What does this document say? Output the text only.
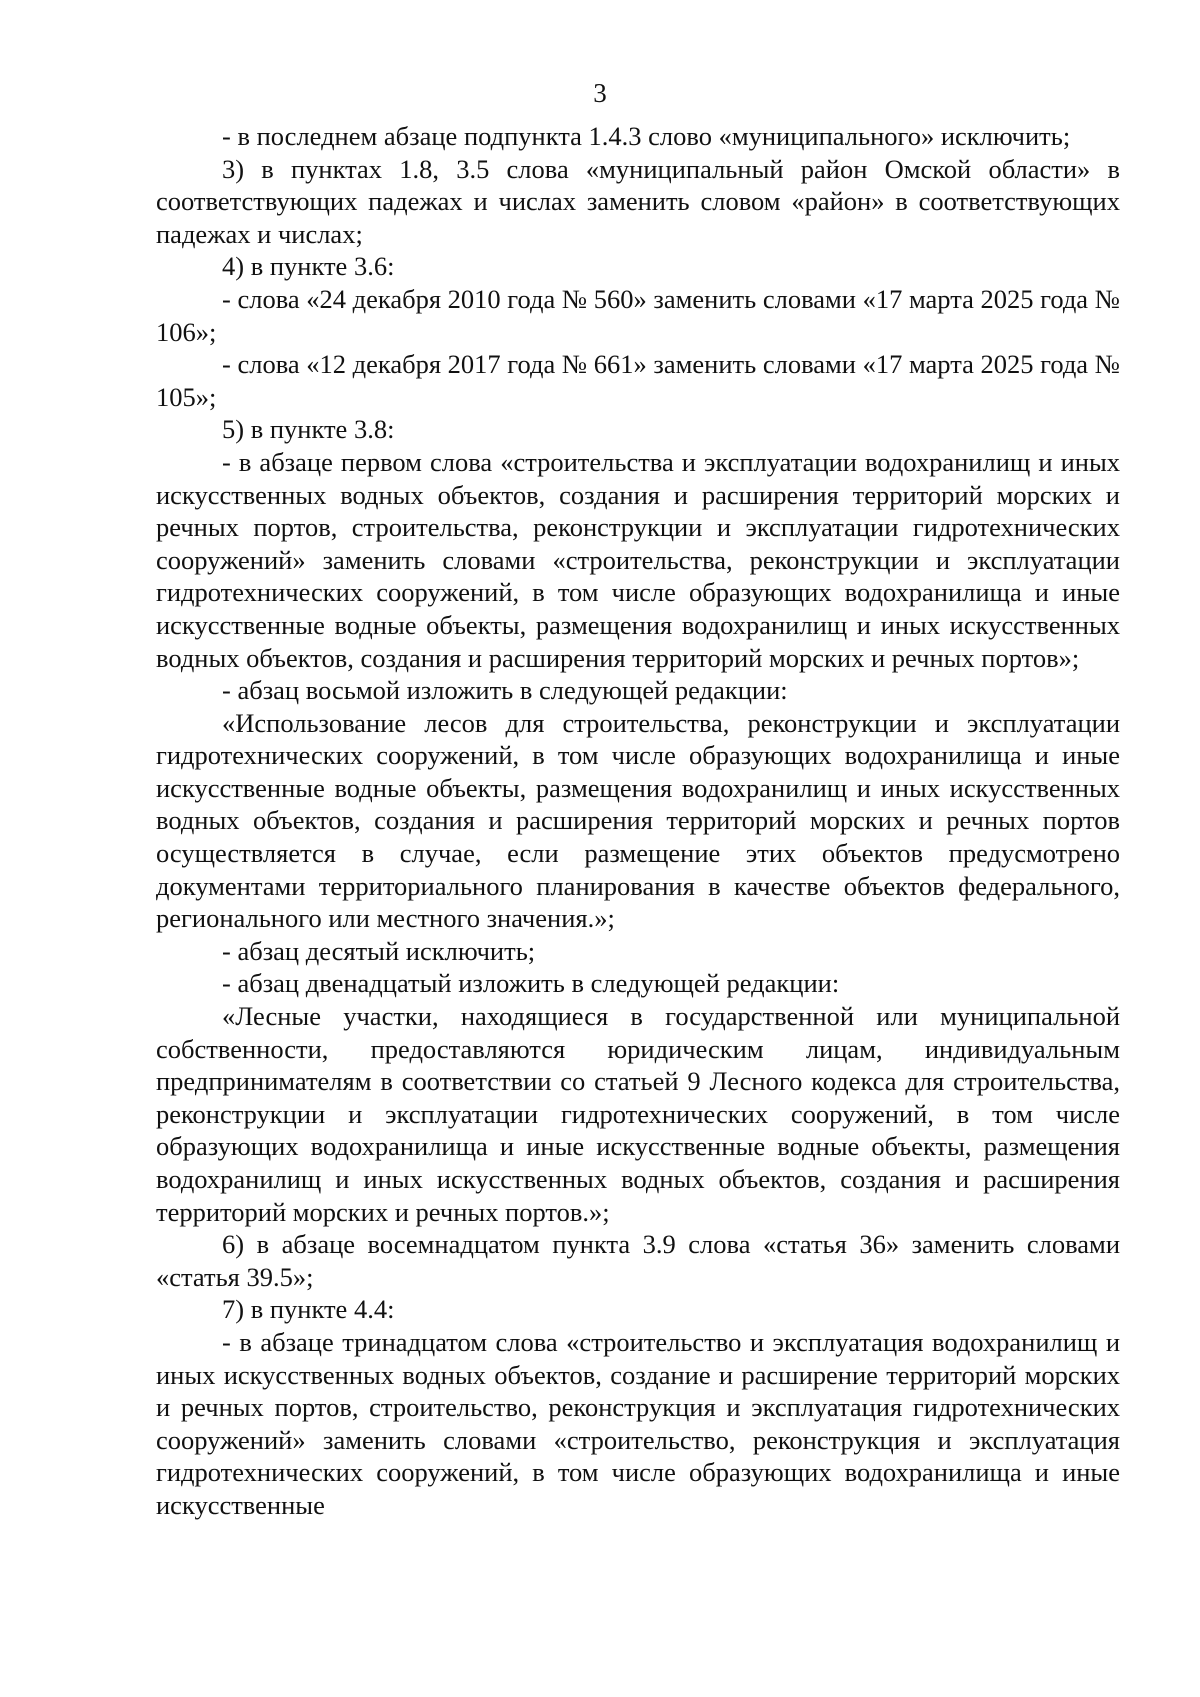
3

- в последнем абзаце подпункта 1.4.3 слово «муниципального» исключить;

3) в пунктах 1.8, 3.5 слова «муниципальный район Омской области» в соответствующих падежах и числах заменить словом «район» в соответствующих падежах и числах;

4) в пункте 3.6:

- слова «24 декабря 2010 года № 560» заменить словами «17 марта 2025 года № 106»;

- слова «12 декабря 2017 года № 661» заменить словами «17 марта 2025 года № 105»;

5) в пункте 3.8:

- в абзаце первом слова «строительства и эксплуатации водохранилищ и иных искусственных водных объектов, создания и расширения территорий морских и речных портов, строительства, реконструкции и эксплуатации гидротехнических сооружений» заменить словами «строительства, реконструкции и эксплуатации гидротехнических сооружений, в том числе образующих водохранилища и иные искусственные водные объекты, размещения водохранилищ и иных искусственных водных объектов, создания и расширения территорий морских и речных портов»;

- абзац восьмой изложить в следующей редакции:

«Использование лесов для строительства, реконструкции и эксплуатации гидротехнических сооружений, в том числе образующих водохранилища и иные искусственные водные объекты, размещения водохранилищ и иных искусственных водных объектов, создания и расширения территорий морских и речных портов осуществляется в случае, если размещение этих объектов предусмотрено документами территориального планирования в качестве объектов федерального, регионального или местного значения.»;

- абзац десятый исключить;

- абзац двенадцатый изложить в следующей редакции:

«Лесные участки, находящиеся в государственной или муниципальной собственности, предоставляются юридическим лицам, индивидуальным предпринимателям в соответствии со статьей 9 Лесного кодекса для строительства, реконструкции и эксплуатации гидротехнических сооружений, в том числе образующих водохранилища и иные искусственные водные объекты, размещения водохранилищ и иных искусственных водных объектов, создания и расширения территорий морских и речных портов.»;

6) в абзаце восемнадцатом пункта 3.9 слова «статья 36» заменить словами «статья 39.5»;

7) в пункте 4.4:

- в абзаце тринадцатом слова «строительство и эксплуатация водохранилищ и иных искусственных водных объектов, создание и расширение территорий морских и речных портов, строительство, реконструкция и эксплуатация гидротехнических сооружений» заменить словами «строительство, реконструкция и эксплуатация гидротехнических сооружений, в том числе образующих водохранилища и иные искусственные
